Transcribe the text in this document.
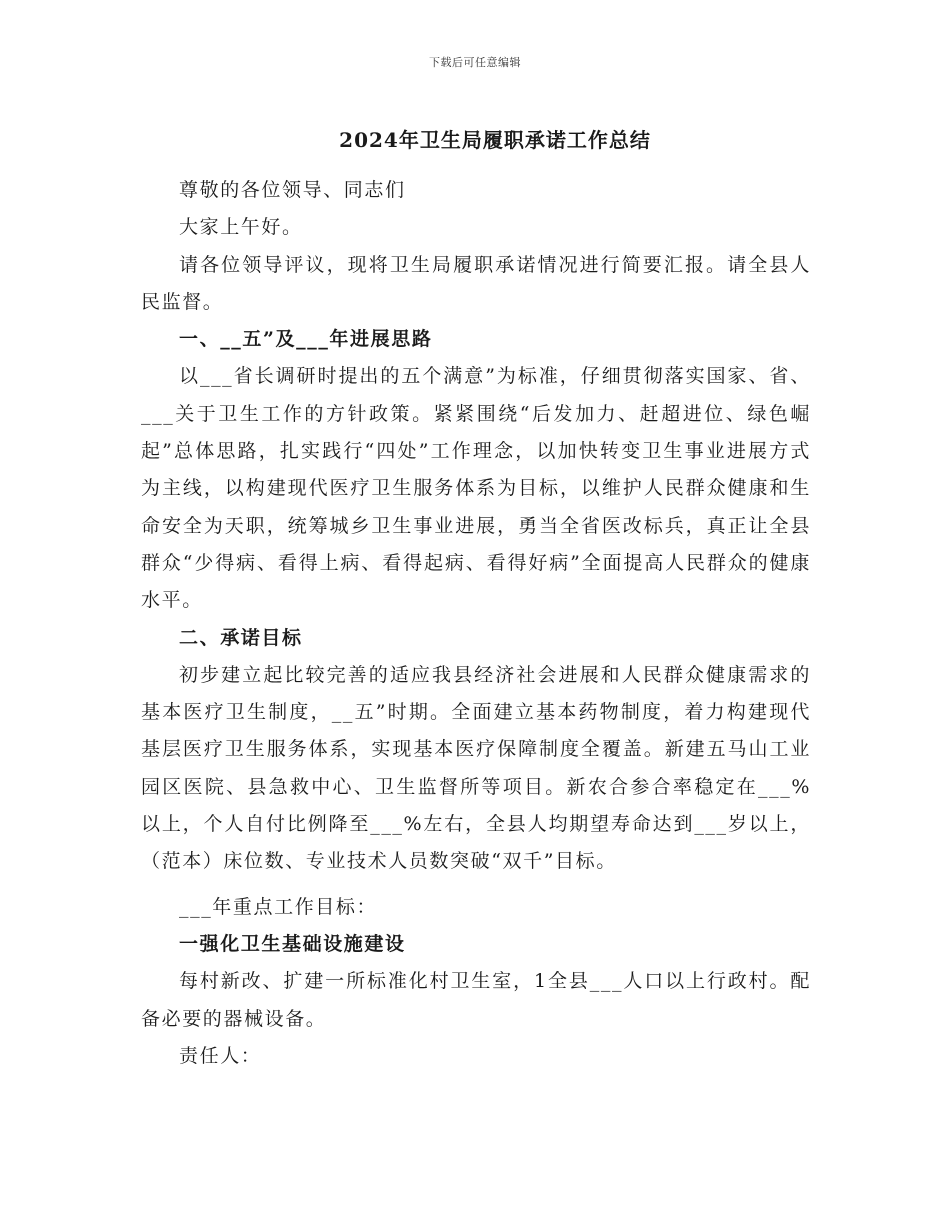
下载后可任意编辑
2024年卫生局履职承诺工作总结

尊敬的各位领导、同志们

大家上午好。

请各位领导评议，现将卫生局履职承诺情况进行简要汇报。请全县人民监督。

一、__五”及___年进展思路

以___省长调研时提出的五个满意”为标准，仔细贯彻落实国家、省、___关于卫生工作的方针政策。紧紧围绕“后发加力、赶超进位、绿色崛起”总体思路，扎实践行“四处”工作理念，以加快转变卫生事业进展方式为主线，以构建现代医疗卫生服务体系为目标，以维护人民群众健康和生命安全为天职，统筹城乡卫生事业进展，勇当全省医改标兵，真正让全县群众“少得病、看得上病、看得起病、看得好病”全面提高人民群众的健康水平。

二、承诺目标

初步建立起比较完善的适应我县经济社会进展和人民群众健康需求的基本医疗卫生制度，__五”时期。全面建立基本药物制度，着力构建现代基层医疗卫生服务体系，实现基本医疗保障制度全覆盖。新建五马山工业园区医院、县急救中心、卫生监督所等项目。新农合参合率稳定在___%以上，个人自付比例降至___%左右，全县人均期望寿命达到___岁以上，（范本）床位数、专业技术人员数突破“双千”目标。

___年重点工作目标：

一强化卫生基础设施建设

每村新改、扩建一所标准化村卫生室，1全县___人口以上行政村。配备必要的器械设备。

责任人：
